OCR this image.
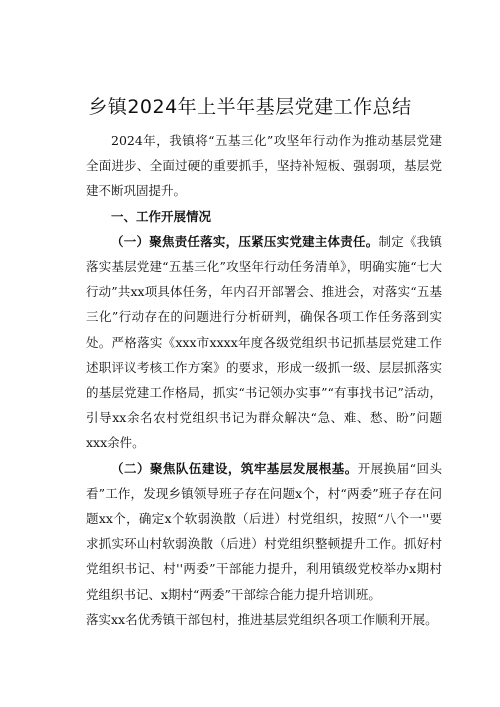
乡镇2024年上半年基层党建工作总结

2024年，我镇将“五基三化”攻坚年行动作为推动基层党建全面进步、全面过硬的重要抓手，坚持补短板、强弱项，基层党建不断巩固提升。

一、工作开展情况

（一）聚焦责任落实，压紧压实党建主体责任。制定《我镇落实基层党建“五基三化”攻坚年行动任务清单》，明确实施“七大行动”共xx项具体任务，年内召开部署会、推进会，对落实“五基三化”行动存在的问题进行分析研判，确保各项工作任务落到实处。严格落实《xxx市xxxx年度各级党组织书记抓基层党建工作述职评议考核工作方案》的要求，形成一级抓一级、层层抓落实的基层党建工作格局，抓实“书记领办实事”“有事找书记”活动，引导xx余名农村党组织书记为群众解决“急、难、愁、盼”问题xxx余件。

（二）聚焦队伍建设，筑牢基层发展根基。开展换届“回头看”工作，发现乡镇领导班子存在问题x个，村“两委”班子存在问题xx个，确定x个软弱涣散（后进）村党组织，按照“八个一''要求抓实环山村软弱涣散（后进）村党组织整顿提升工作。抓好村党组织书记、村''两委”干部能力提升，利用镇级党校举办x期村党组织书记、x期村“两委”干部综合能力提升培训班。

落实xx名优秀镇干部包村，推进基层党组织各项工作顺利开展。
